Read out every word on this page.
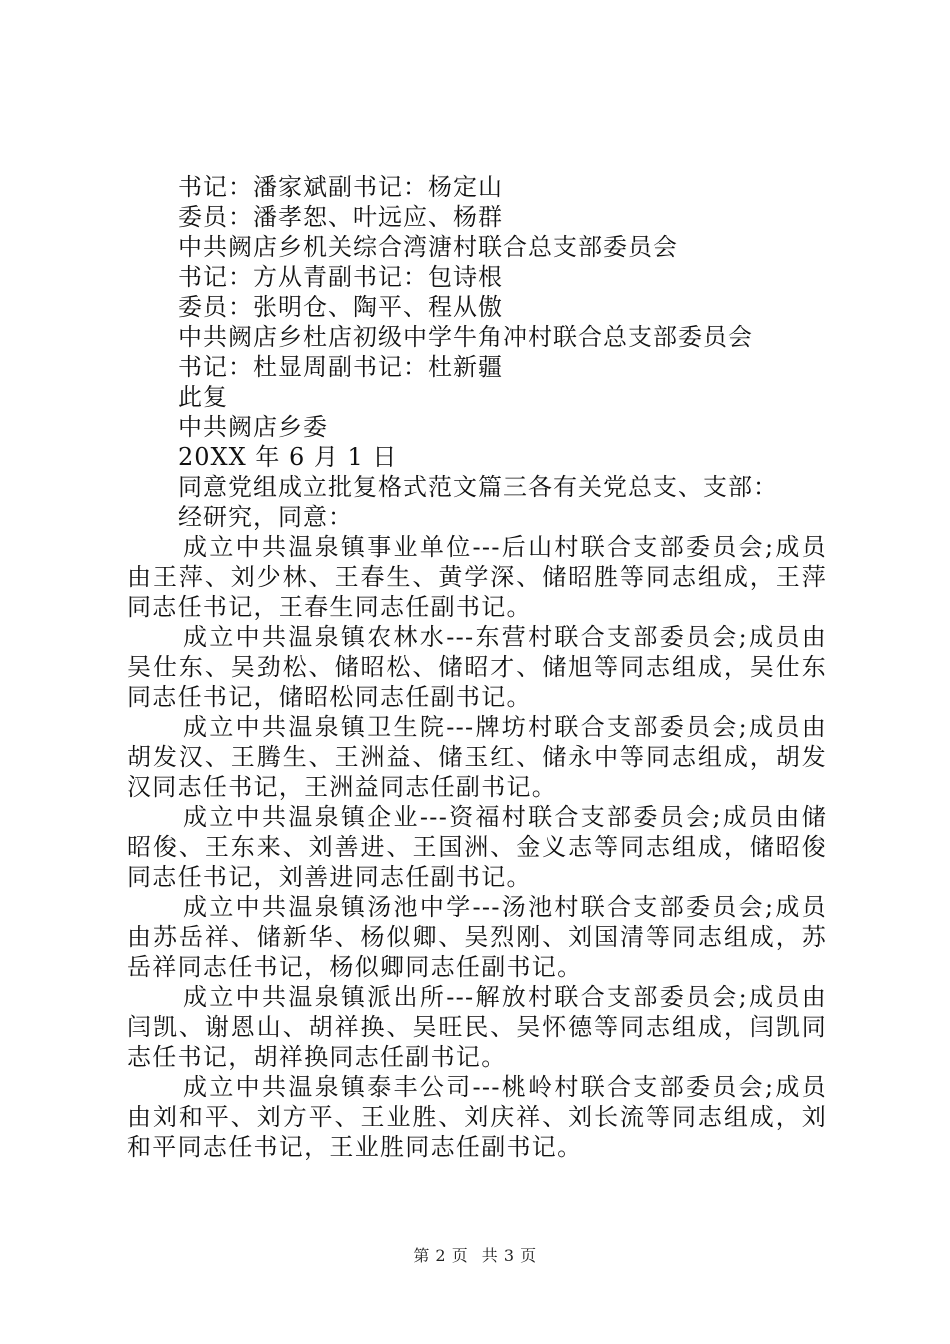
书记：潘家斌副书记：杨定山
委员：潘孝恕、叶远应、杨群
中共阙店乡机关综合湾溏村联合总支部委员会
书记：方从青副书记：包诗根
委员：张明仓、陶平、程从傲
中共阙店乡杜店初级中学牛角冲村联合总支部委员会
书记：杜显周副书记：杜新疆
此复
中共阙店乡委
20XX 年 6 月 1 日
同意党组成立批复格式范文篇三各有关党总支、支部：
经研究，同意：

成立中共温泉镇事业单位---后山村联合支部委员会;成员由王萍、刘少林、王春生、黄学深、储昭胜等同志组成，王萍同志任书记，王春生同志任副书记。

成立中共温泉镇农林水---东营村联合支部委员会;成员由吴仕东、吴劲松、储昭松、储昭才、储旭等同志组成，吴仕东同志任书记，储昭松同志任副书记。

成立中共温泉镇卫生院---牌坊村联合支部委员会;成员由胡发汉、王腾生、王洲益、储玉红、储永中等同志组成，胡发汉同志任书记，王洲益同志任副书记。

成立中共温泉镇企业---资福村联合支部委员会;成员由储昭俊、王东来、刘善进、王国洲、金义志等同志组成，储昭俊同志任书记，刘善进同志任副书记。

成立中共温泉镇汤池中学---汤池村联合支部委员会;成员由苏岳祥、储新华、杨似卿、吴烈刚、刘国清等同志组成，苏岳祥同志任书记，杨似卿同志任副书记。

成立中共温泉镇派出所---解放村联合支部委员会;成员由闫凯、谢恩山、胡祥换、吴旺民、吴怀德等同志组成，闫凯同志任书记，胡祥换同志任副书记。

成立中共温泉镇泰丰公司---桃岭村联合支部委员会;成员由刘和平、刘方平、王业胜、刘庆祥、刘长流等同志组成，刘和平同志任书记，王业胜同志任副书记。

第 2 页 共 3 页
